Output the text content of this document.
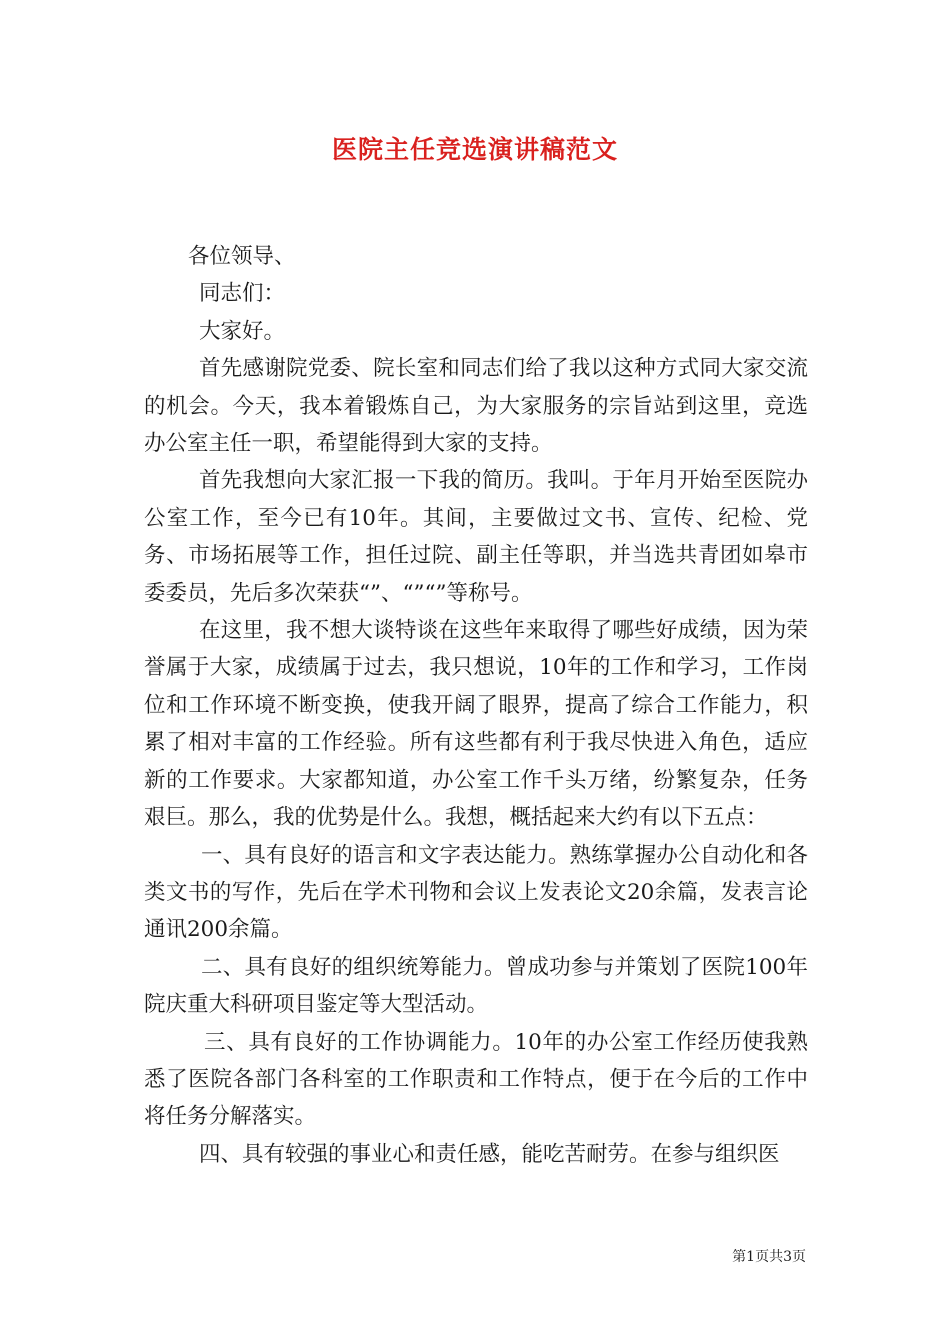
医院主任竞选演讲稿范文

各位领导、

同志们：

大家好。

首先感谢院党委、院长室和同志们给了我以这种方式同大家交流的机会。今天，我本着锻炼自己，为大家服务的宗旨站到这里，竞选办公室主任一职，希望能得到大家的支持。

首先我想向大家汇报一下我的简历。我叫。于年月开始至医院办公室工作，至今已有10年。其间，主要做过文书、宣传、纪检、党务、市场拓展等工作，担任过院、副主任等职，并当选共青团如皋市委委员，先后多次荣获“”、“”“”等称号。

在这里，我不想大谈特谈在这些年来取得了哪些好成绩，因为荣誉属于大家，成绩属于过去，我只想说，10年的工作和学习，工作岗位和工作环境不断变换，使我开阔了眼界，提高了综合工作能力，积累了相对丰富的工作经验。所有这些都有利于我尽快进入角色，适应新的工作要求。大家都知道，办公室工作千头万绪，纷繁复杂，任务艰巨。那么，我的优势是什么。我想，概括起来大约有以下五点：

一、具有良好的语言和文字表达能力。熟练掌握办公自动化和各类文书的写作，先后在学术刊物和会议上发表论文20余篇，发表言论通讯200余篇。

二、具有良好的组织统筹能力。曾成功参与并策划了医院100年院庆重大科研项目鉴定等大型活动。

三、具有良好的工作协调能力。10年的办公室工作经历使我熟悉了医院各部门各科室的工作职责和工作特点，便于在今后的工作中将任务分解落实。

四、具有较强的事业心和责任感，能吃苦耐劳。在参与组织医

第1页共3页
